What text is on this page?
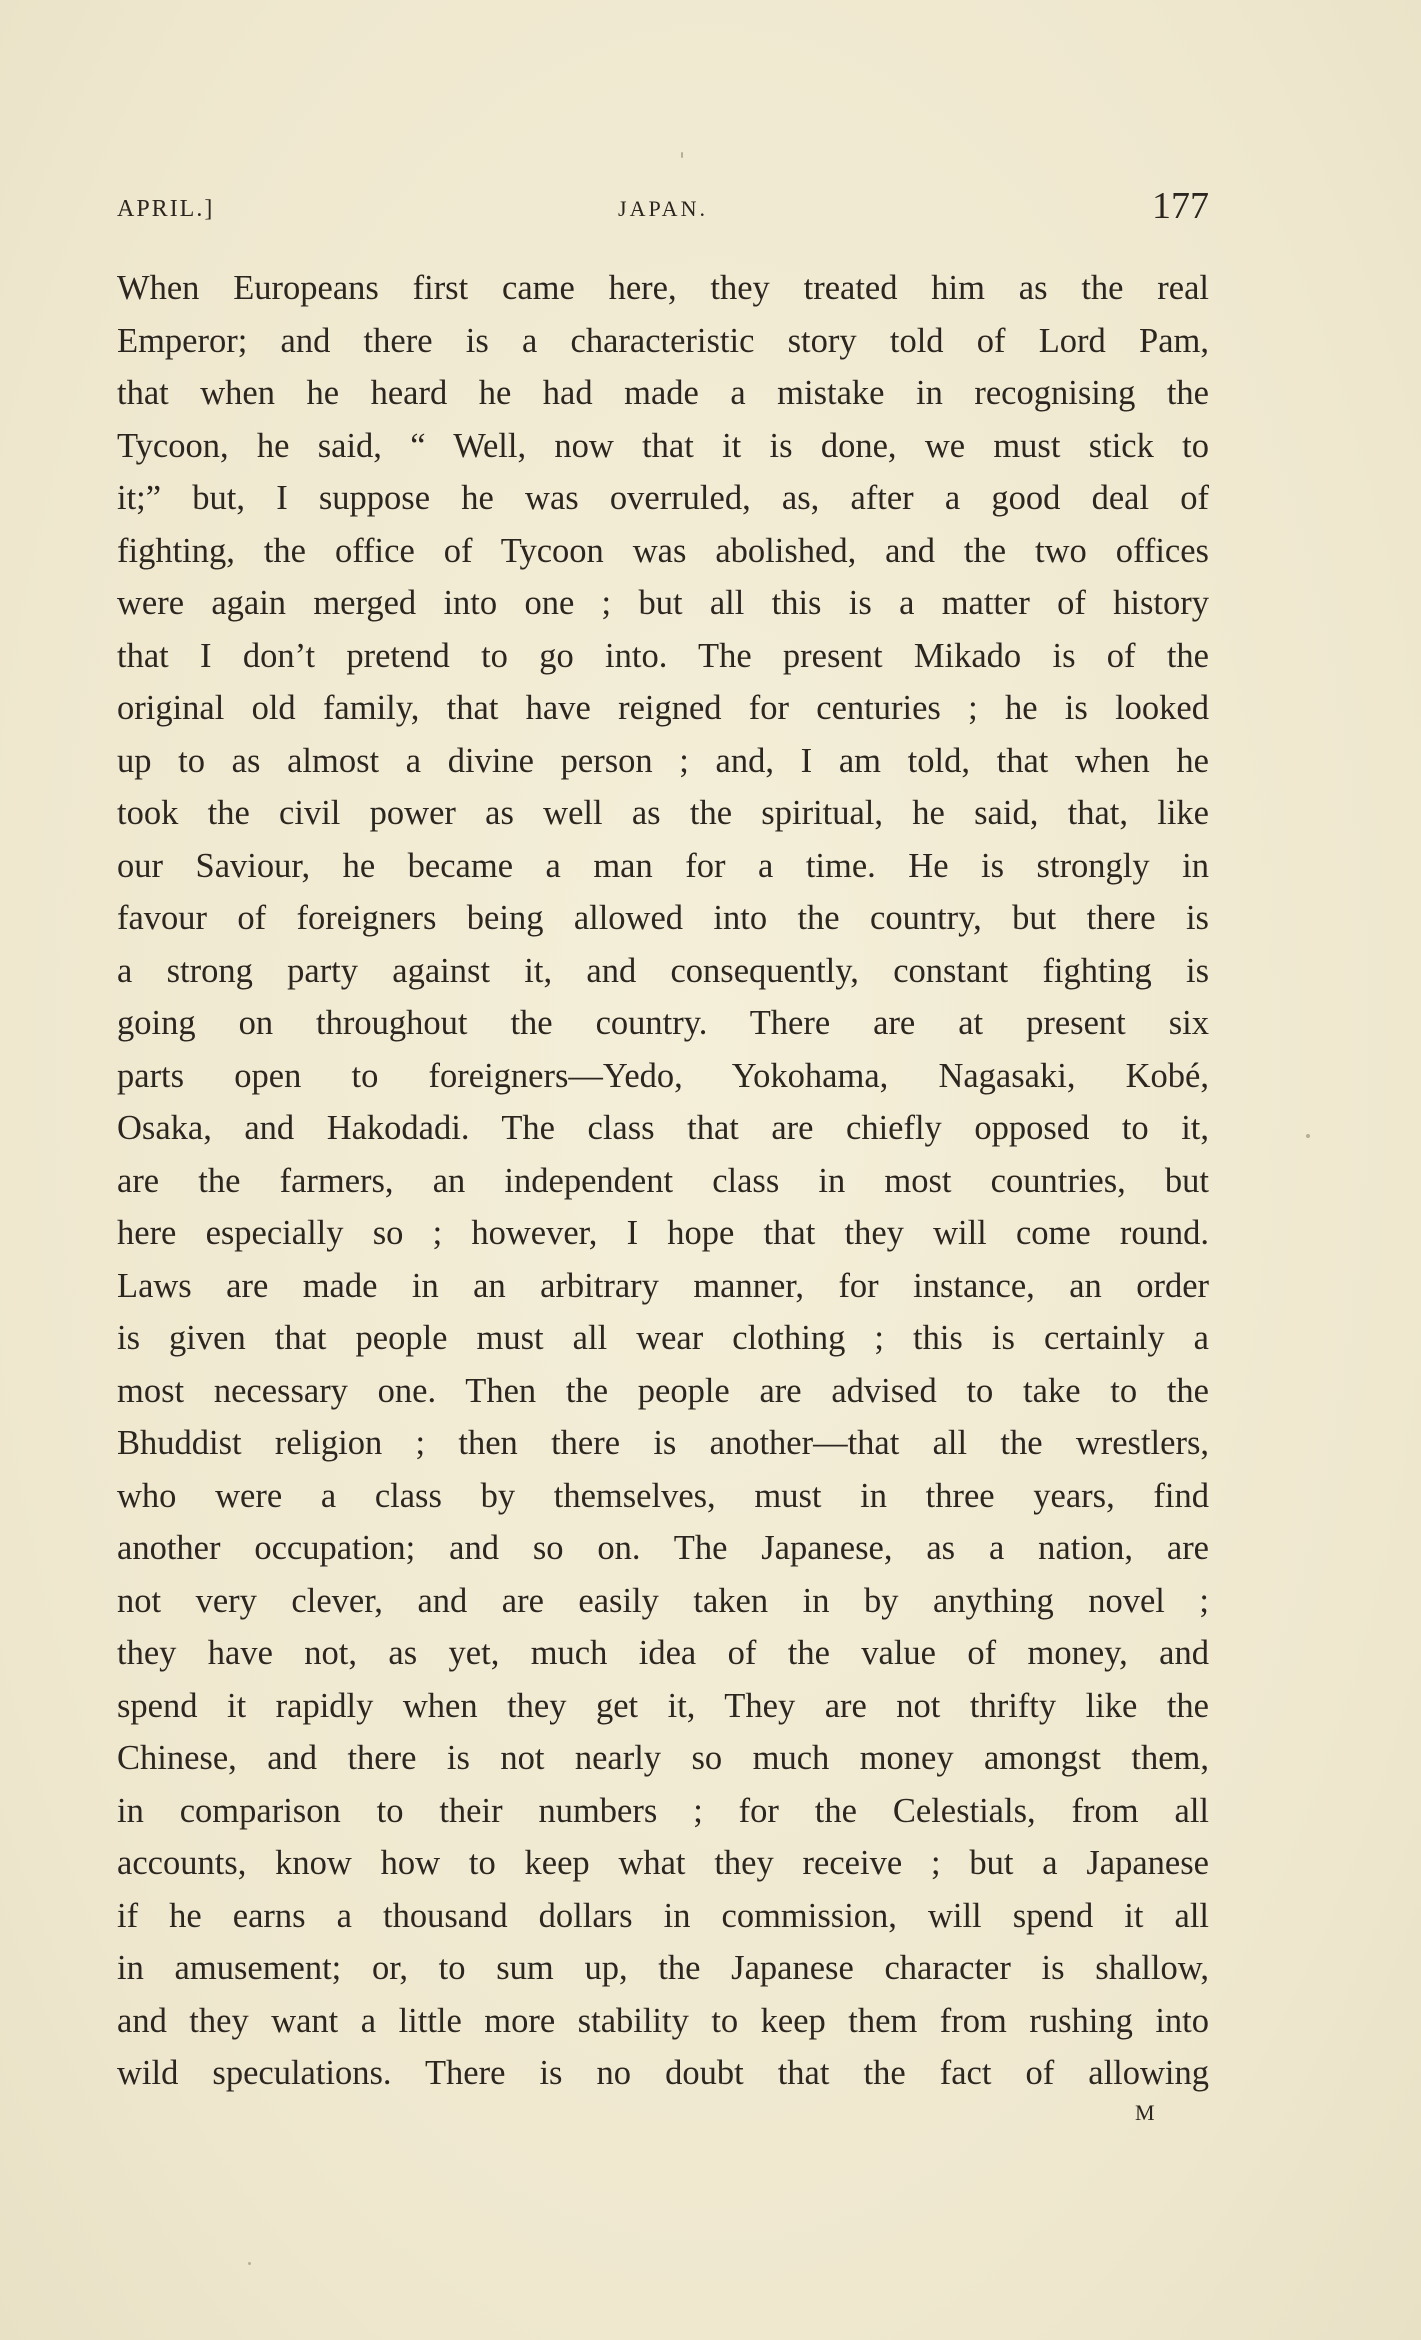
APRIL.]	JAPAN.	177
When Europeans first came here, they treated him as the real
Emperor; and there is a characteristic story told of Lord Pam,
that when he heard he had made a mistake in recognising the
Tycoon, he said, “ Well, now that it is done, we must stick to
it;” but, I suppose he was overruled, as, after a good deal of
fighting, the office of Tycoon was abolished, and the two offices
were again merged into one ; but all this is a matter of history
that I don’t pretend to go into. The present Mikado is of the
original old family, that have reigned for centuries ; he is looked
up to as almost a divine person ; and, I am told, that when he
took the civil power as well as the spiritual, he said, that, like
our Saviour, he became a man for a time. He is strongly in
favour of foreigners being allowed into the country, but there is
a strong party against it, and consequently, constant fighting is
going on throughout the country. There are at present six
parts open to foreigners—Yedo, Yokohama, Nagasaki, Kobé,
Osaka, and Hakodadi. The class that are chiefly opposed to it,
are the farmers, an independent class in most countries, but
here especially so ; however, I hope that they will come round.
Laws are made in an arbitrary manner, for instance, an order
is given that people must all wear clothing ; this is certainly a
most necessary one. Then the people are advised to take to the
Bhuddist religion ; then there is another—that all the wrestlers,
who were a class by themselves, must in three years, find
another occupation; and so on. The Japanese, as a nation, are
not very clever, and are easily taken in by anything novel ;
they have not, as yet, much idea of the value of money, and
spend it rapidly when they get it, They are not thrifty like the
Chinese, and there is not nearly so much money amongst them,
in comparison to their numbers ; for the Celestials, from all
accounts, know how to keep what they receive ; but a Japanese
if he earns a thousand dollars in commission, will spend it all
in amusement; or, to sum up, the Japanese character is shallow,
and they want a little more stability to keep them from rushing into
wild speculations. There is no doubt that the fact of allowing
M
